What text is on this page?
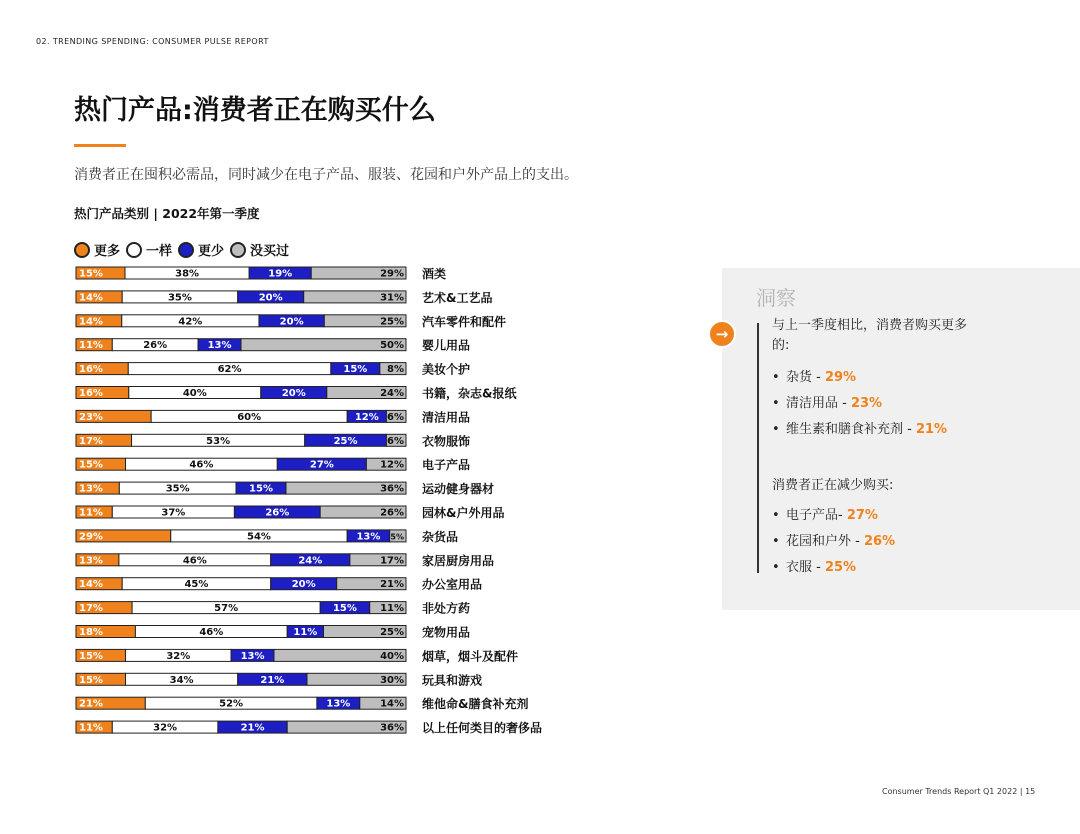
02. TRENDING SPENDING: CONSUMER PULSE REPORT
热门产品:消费者正在购买什么
消费者正在囤积必需品，同时减少在电子产品、服装、花园和户外产品上的支出。
热门产品类别 | 2022年第一季度
更多 一样 更少 没买过
15%	38%	19%	29% 酒类
14%	35%	20%	31% 艺术&工艺品
14%	42%	20%	25% 汽车零件和配件
11%	26%	13%	50% 婴儿用品
16%	62%	15% 8% 美妆个护
16%	40%	20%	24% 书籍，杂志&报纸
23%	60%	12% 6% 清洁用品
17%	53%	25%	6% 衣物服饰
15%	46%	27%	12% 电子产品
13%	35%	15%	36% 运动健身器材
11%	37%	26%	26% 园林&户外用品
29%	54%	13% 5% 杂货品
13%	46%	24%	17% 家居厨房用品
14%	45%	20%	21% 办公室用品
17%	57%	15% 11% 非处方药
18%	46%	11%	25% 宠物用品
15%	32%	13%	40% 烟草，烟斗及配件
15%	34%	21%	30% 玩具和游戏
21%	52%	13%	14% 维他命&膳食补充剂
11%	32%	21%	36% 以上任何类目的奢侈品
洞察
→	与上一季度相比，消费者购买更多的:
• 杂货 - 29%
• 清洁用品 - 23%
• 维生素和膳食补充剂 - 21%
消费者正在减少购买:
• 电子产品- 27%
• 花园和户外 - 26%
• 衣服 - 25%
Consumer Trends Report Q1 2022 | 15
